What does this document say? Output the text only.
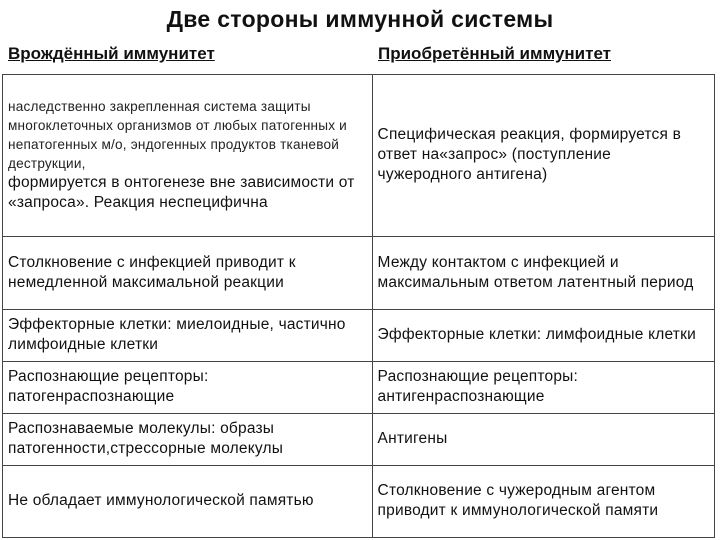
Две стороны иммунной системы
Врождённый иммунитет	Приобретённый иммунитет
наследственно закрепленная система защиты многоклеточных организмов от любых патогенных и непатогенных м/о, эндогенных продуктов тканевой деструкции,
формируется в онтогенезе вне зависимости от «запроса». Реакция неспецифична	Специфическая реакция, формируется в ответ на«запрос» (поступление чужеродного антигена)
Столкновение с инфекцией приводит к немедленной максимальной реакции	Между контактом с инфекцией и максимальным ответом латентный период
Эффекторные клетки: миелоидные, частично лимфоидные клетки	Эффекторные клетки: лимфоидные клетки
Распознающие рецепторы: патогенраспознающие	Распознающие рецепторы: антигенраспознающие
Распознаваемые молекулы: образы патогенности,стрессорные молекулы	Антигены
Не обладает иммунологической памятью	Столкновение с чужеродным агентом приводит к иммунологической памяти
